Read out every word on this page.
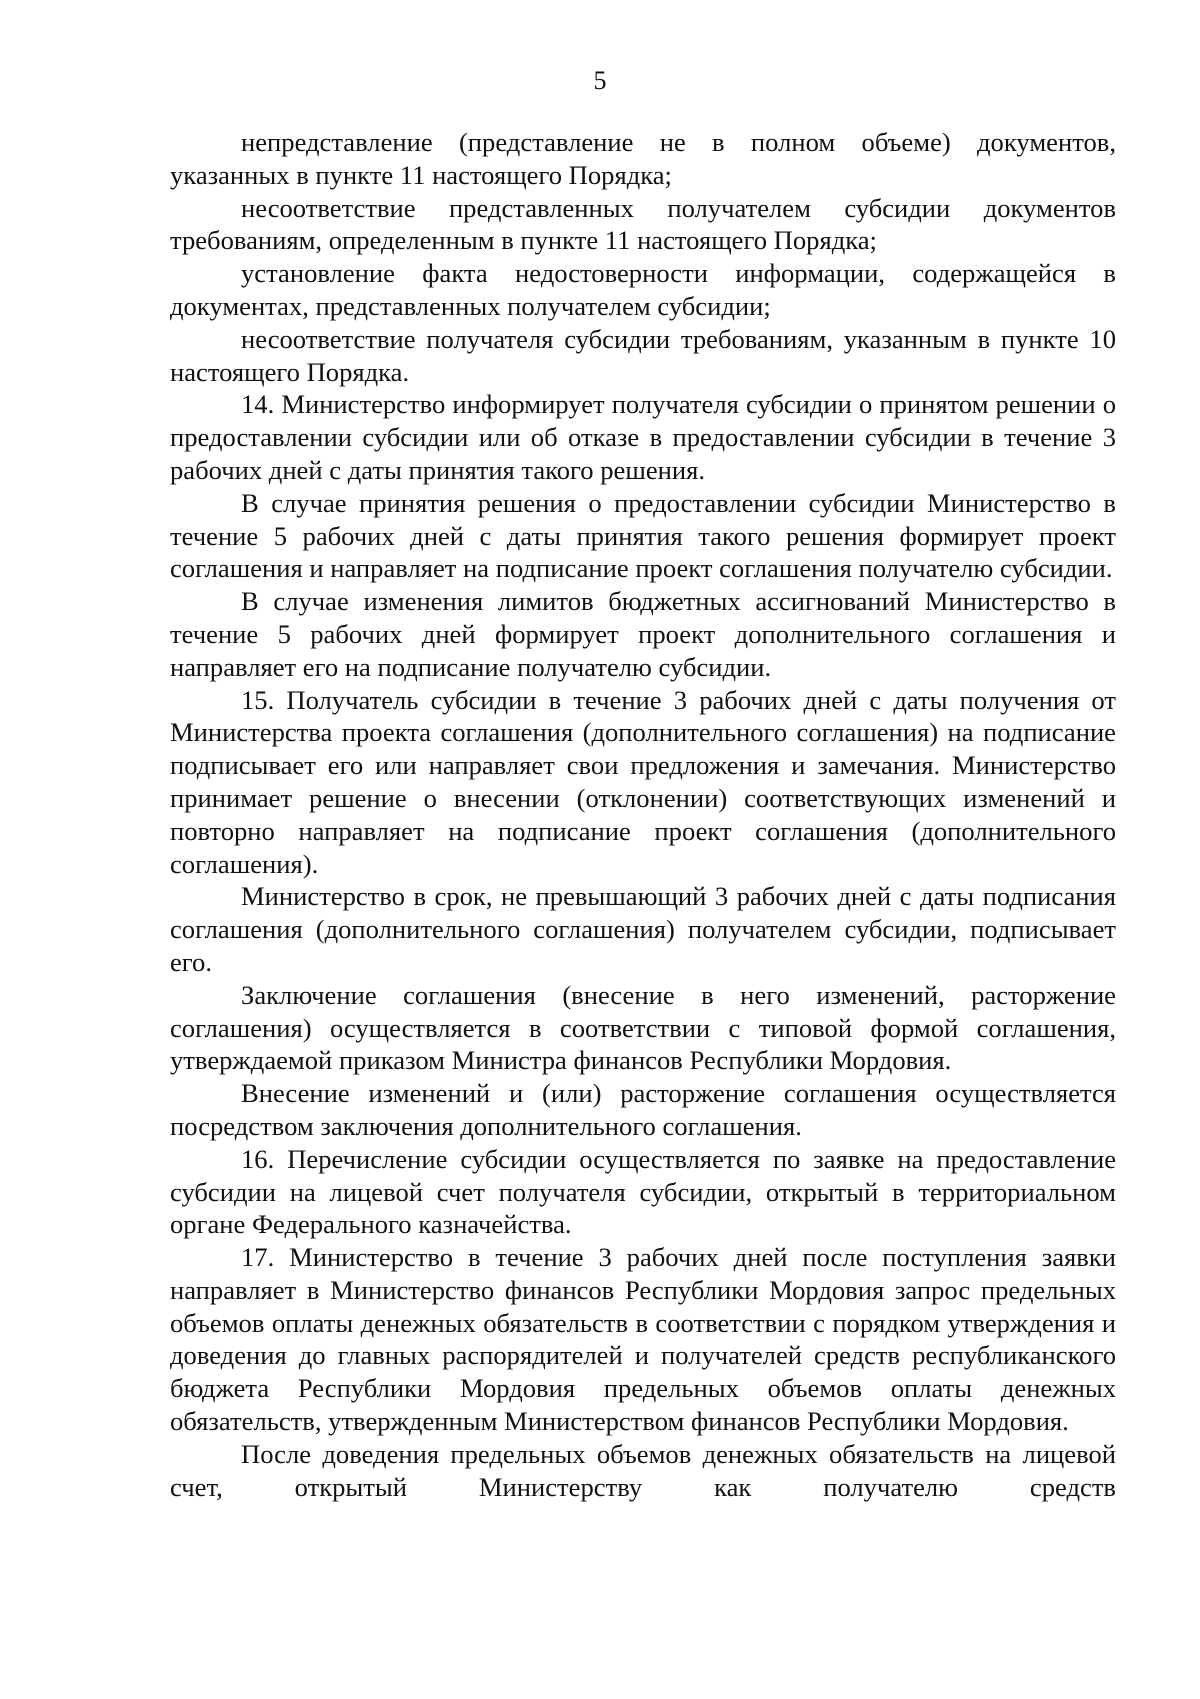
5

непредставление (представление не в полном объеме) документов, указанных в пункте 11 настоящего Порядка;

несоответствие представленных получателем субсидии документов требованиям, определенным в пункте 11 настоящего Порядка;

установление факта недостоверности информации, содержащейся в документах, представленных получателем субсидии;

несоответствие получателя субсидии требованиям, указанным в пункте 10 настоящего Порядка.

14. Министерство информирует получателя субсидии о принятом решении о предоставлении субсидии или об отказе в предоставлении субсидии в течение 3 рабочих дней с даты принятия такого решения.

В случае принятия решения о предоставлении субсидии Министерство в течение 5 рабочих дней с даты принятия такого решения формирует проект соглашения и направляет на подписание проект соглашения получателю субсидии.

В случае изменения лимитов бюджетных ассигнований Министерство в течение 5 рабочих дней формирует проект дополнительного соглашения и направляет его на подписание получателю субсидии.

15. Получатель субсидии в течение 3 рабочих дней с даты получения от Министерства проекта соглашения (дополнительного соглашения) на подписание подписывает его или направляет свои предложения и замечания. Министерство принимает решение о внесении (отклонении) соответствующих изменений и повторно направляет на подписание проект соглашения (дополнительного соглашения).

Министерство в срок, не превышающий 3 рабочих дней с даты подписания соглашения (дополнительного соглашения) получателем субсидии, подписывает его.

Заключение соглашения (внесение в него изменений, расторжение соглашения) осуществляется в соответствии с типовой формой соглашения, утверждаемой приказом Министра финансов Республики Мордовия.

Внесение изменений и (или) расторжение соглашения осуществляется посредством заключения дополнительного соглашения.

16. Перечисление субсидии осуществляется по заявке на предоставление субсидии на лицевой счет получателя субсидии, открытый в территориальном органе Федерального казначейства.

17. Министерство в течение 3 рабочих дней после поступления заявки направляет в Министерство финансов Республики Мордовия запрос предельных объемов оплаты денежных обязательств в соответствии с порядком утверждения и доведения до главных распорядителей и получателей средств республиканского бюджета Республики Мордовия предельных объемов оплаты денежных обязательств, утвержденным Министерством финансов Республики Мордовия.

После доведения предельных объемов денежных обязательств на лицевой счет, открытый Министерству как получателю средств
